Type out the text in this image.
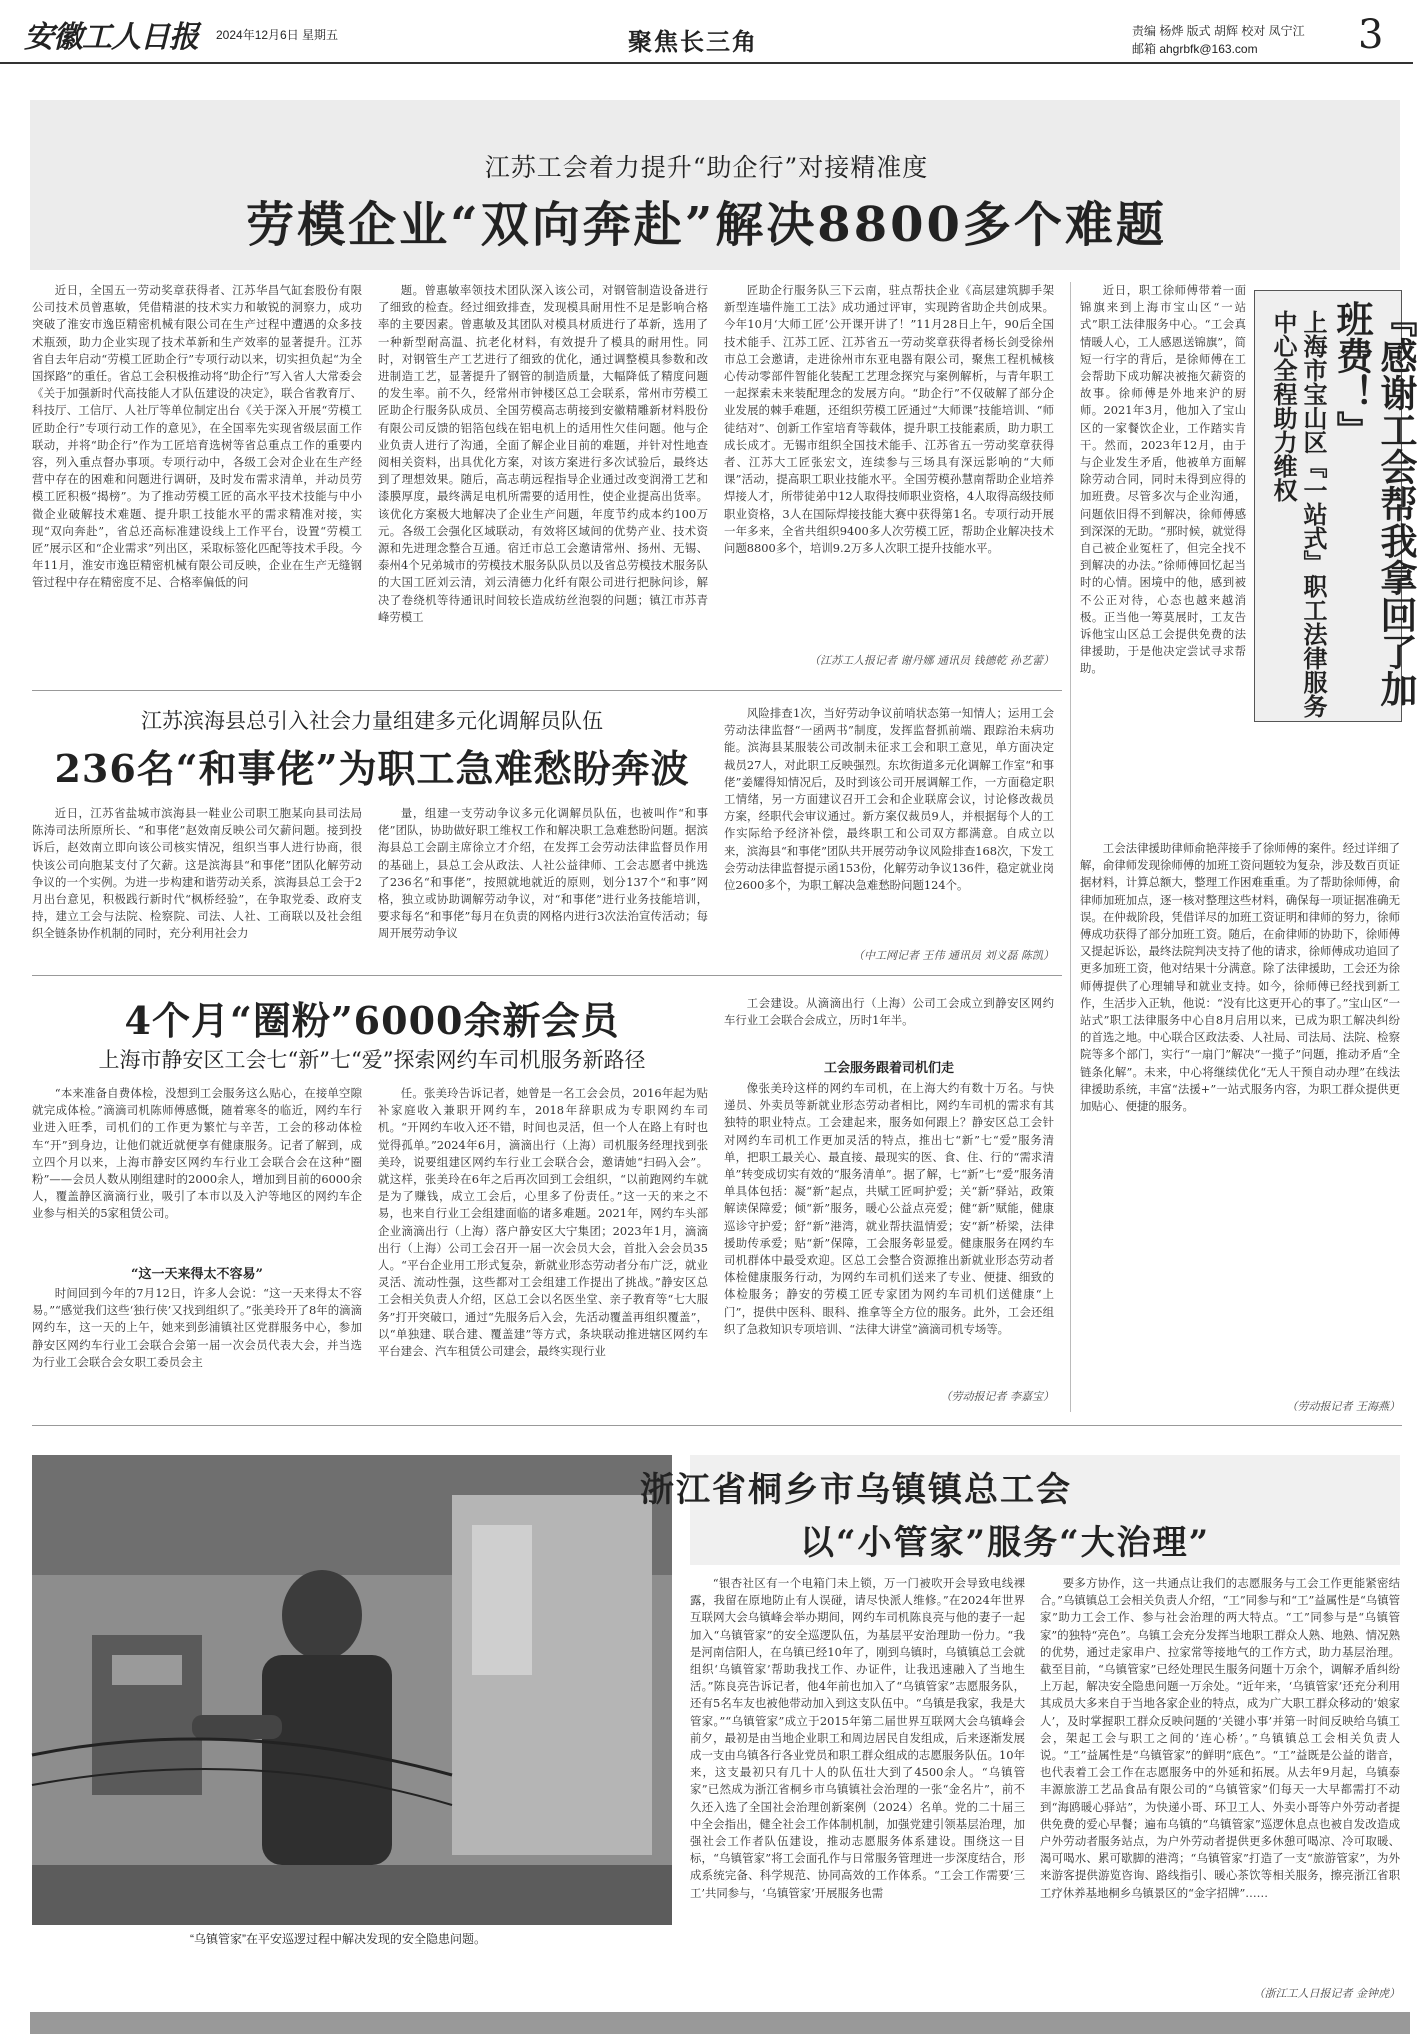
安徽工人日报 2024年12月6日 星期五	聚焦长三角	责编 杨烨 版式 胡辉 校对 凤宁江
邮箱 ahgrbfk@163.com	3
江苏工会着力提升“助企行”对接精准度
劳模企业“双向奔赴”解决8800多个难题

近日，全国五一劳动奖章获得者、江苏华昌气缸套股份有限公司技术员曾惠敏，凭借精湛的技术实力和敏锐的洞察力，成功突破了淮安市逸臣精密机械有限公司在生产过程中遭遇的众多技术瓶颈，助力企业实现了技术革新和生产效率的显著提升。江苏省自去年启动“劳模工匠助企行”专项行动以来，切实担负起“为全国探路”的重任。省总工会积极推动将“助企行”写入省人大常委会《关于加强新时代高技能人才队伍建设的决定》，联合省教育厅、科技厅、工信厅、人社厅等单位制定出台《关于深入开展“劳模工匠助企行”专项行动工作的意见》，在全国率先实现省级层面工作联动，并将“助企行”作为工匠培育选树等省总重点工作的重要内容，列入重点督办事项。专项行动中，各级工会对企业在生产经营中存在的困难和问题进行调研，及时发布需求清单，并动员劳模工匠积极“揭榜”。为了推动劳模工匠的高水平技术技能与中小微企业破解技术难题、提升职工技能水平的需求精准对接，实现“双向奔赴”，省总还高标准建设线上工作平台，设置“劳模工匠”展示区和“企业需求”列出区，采取标签化匹配等技术手段。今年11月，淮安市逸臣精密机械有限公司反映，企业在生产无缝钢管过程中存在精密度不足、合格率偏低的问

题。曾惠敏率领技术团队深入该公司，对钢管制造设备进行了细致的检查。经过细致排查，发现模具耐用性不足是影响合格率的主要因素。曾惠敏及其团队对模具材质进行了革新，选用了一种新型耐高温、抗老化材料，有效提升了模具的耐用性。同时，对钢管生产工艺进行了细致的优化，通过调整模具参数和改进制造工艺，显著提升了钢管的制造质量，大幅降低了精度问题的发生率。前不久，经常州市钟楼区总工会联系，常州市劳模工匠助企行服务队成员、全国劳模高志萌接到安徽精雕新材料股份有限公司反馈的铝箔包线在铝电机上的适用性欠佳问题。他与企业负责人进行了沟通，全面了解企业目前的难题，并针对性地查阅相关资料，出具优化方案，对该方案进行多次试验后，最终达到了理想效果。随后，高志萌远程指导企业通过改变润滑工艺和漆膜厚度，最终满足电机所需要的适用性，使企业提高出货率。该优化方案极大地解决了企业生产问题，年度节约成本约100万元。各级工会强化区域联动，有效将区域间的优势产业、技术资源和先进理念整合互通。宿迁市总工会邀请常州、扬州、无锡、泰州4个兄弟城市的劳模技术服务队队员以及省总劳模技术服务队的大国工匠刘云清，刘云清德力化纤有限公司进行把脉问诊，解决了卷绕机等待通讯时间较长造成纺丝泡裂的问题；镇江市苏青峰劳模工

匠助企行服务队三下云南，驻点帮扶企业《高层建筑脚手架新型连墙件施工工法》成功通过评审，实现跨省助企共创成果。今年10月‘大师工匠’公开课开讲了！”11月28日上午，90后全国技术能手、江苏工匠、江苏省五一劳动奖章获得者杨长剑受徐州市总工会邀请，走进徐州市东亚电器有限公司，聚焦工程机械核心传动零部件智能化装配工艺理念探究与案例解析，与青年职工一起探索未来装配理念的发展方向。“助企行”不仅破解了部分企业发展的棘手难题，还组织劳模工匠通过“大师课”技能培训、“师徒结对”、创新工作室培育等载体，提升职工技能素质，助力职工成长成才。无锡市组织全国技术能手、江苏省五一劳动奖章获得者、江苏大工匠张宏文，连续参与三场具有深远影响的“大师课”活动，提高职工职业技能水平。全国劳模孙慧南帮助企业培养焊接人才，所带徒弟中12人取得技师职业资格，4人取得高级技师职业资格，3人在国际焊接技能大赛中获得第1名。专项行动开展一年多来，全省共组织9400多人次劳模工匠，帮助企业解决技术问题8800多个，培训9.2万多人次职工提升技能水平。

（江苏工人报记者 谢丹娜 通讯员 钱德乾 孙艺蕾）
江苏滨海县总引入社会力量组建多元化调解员队伍
236名“和事佬”为职工急难愁盼奔波

近日，江苏省盐城市滨海县一鞋业公司职工胞某向县司法局陈涛司法所原所长、“和事佬”赵效南反映公司欠薪问题。接到投诉后，赵效南立即向该公司核实情况，组织当事人进行协商，很快该公司向胞某支付了欠薪。这是滨海县“和事佬”团队化解劳动争议的一个实例。为进一步构建和谐劳动关系，滨海县总工会于2月出台意见，积极践行新时代“枫桥经验”，在争取党委、政府支持，建立工会与法院、检察院、司法、人社、工商联以及社会组织全链条协作机制的同时，充分利用社会力

量，组建一支劳动争议多元化调解员队伍，也被叫作“和事佬”团队，协助做好职工维权工作和解决职工急难愁盼问题。据滨海县总工会副主席徐立才介绍，在发挥工会劳动法律监督员作用的基础上，县总工会从政法、人社公益律师、工会志愿者中挑选了236名“和事佬”，按照就地就近的原则，划分137个“和事”网格，独立或协助调解劳动争议，对“和事佬”进行业务技能培训，要求每名“和事佬”每月在负责的网格内进行3次法治宣传活动；每周开展劳动争议

风险排查1次，当好劳动争议前哨状态第一知情人；运用工会劳动法律监督“一函两书”制度，发挥监督抓前端、跟踪治未病功能。滨海县某服装公司改制未征求工会和职工意见，单方面决定裁员27人，对此职工反映强烈。东坎街道多元化调解工作室“和事佬”姜耀得知情况后，及时到该公司开展调解工作，一方面稳定职工情绪，另一方面建议召开工会和企业联席会议，讨论修改裁员方案，经职代会审议通过。新方案仅裁员9人，并根据每个人的工作实际给予经济补偿，最终职工和公司双方都满意。自成立以来，滨海县“和事佬”团队共开展劳动争议风险排查168次，下发工会劳动法律监督提示函153份，化解劳动争议136件，稳定就业岗位2600多个，为职工解决急难愁盼问题124个。

（中工网记者 王伟 通讯员 刘义磊 陈凯）
4个月“圈粉”6000余新会员
上海市静安区工会七“新”七“爱”探索网约车司机服务新路径

“本来准备自费体检，没想到工会服务这么贴心，在接单空隙就完成体检。”滴滴司机陈师傅感慨，随着寒冬的临近，网约车行业进入旺季，司机们的工作更为繁忙与辛苦，工会的移动体检车“开”到身边，让他们就近就便享有健康服务。记者了解到，成立四个月以来，上海市静安区网约车行业工会联合会在这种“圈粉”——会员人数从刚组建时的2000余人，增加到目前的6000余人，覆盖静区滴滴行业，吸引了本市以及入沪等地区的网约车企业参与相关的5家租赁公司。

“这一天来得太不容易”

时间回到今年的7月12日，许多人会说：“这一天来得太不容易。”“感觉我们这些‘独行侠’又找到组织了。”张美玲开了8年的滴滴网约车，这一天的上午，她来到彭浦镇社区党群服务中心，参加静安区网约车行业工会联合会第一届一次会员代表大会，并当选为行业工会联合会女职工委员会主

任。张美玲告诉记者，她曾是一名工会会员，2016年起为贴补家庭收入兼职开网约车，2018年辞职成为专职网约车司机。“开网约车收入还不错，时间也灵活，但一个人在路上有时也觉得孤单。”2024年6月，滴滴出行（上海）司机服务经理找到张美玲，说要组建区网约车行业工会联合会，邀请她“扫码入会”。就这样，张美玲在6年之后再次回到工会组织，“以前跑网约车就是为了赚钱，成立工会后，心里多了份责任。”这一天的来之不易，也来自行业工会组建面临的诸多难题。2021年，网约车头部企业滴滴出行（上海）落户静安区大宁集团；2023年1月，滴滴出行（上海）公司工会召开一届一次会员大会，首批入会会员35人。“平台企业用工形式复杂，新就业形态劳动者分布广泛，就业灵活、流动性强，这些都对工会组建工作提出了挑战。”静安区总工会相关负责人介绍，区总工会以名医坐堂、亲子教育等“七大服务”打开突破口，通过“先服务后入会，先活动覆盖再组织覆盖”，以“单独建、联合建、覆盖建”等方式，条块联动推进辖区网约车平台建会、汽车租赁公司建会，最终实现行业

工会建设。从滴滴出行（上海）公司工会成立到静安区网约车行业工会联合会成立，历时1年半。

工会服务跟着司机们走

像张美玲这样的网约车司机，在上海大约有数十万名。与快递员、外卖员等新就业形态劳动者相比，网约车司机的需求有其独特的职业特点。工会建起来，服务如何跟上？静安区总工会针对网约车司机工作更加灵活的特点，推出七“新”七“爱”服务清单，把职工最关心、最直接、最现实的医、食、住、行的“需求清单”转变成切实有效的“服务清单”。据了解，七“新”七“爱”服务清单具体包括：凝“新”起点，共赋工匠呵护爱；关“新”驿站，政策解读保障爱；倾“新”服务，暖心公益点亮爱；健“新”赋能，健康巡诊守护爱；舒“新”港湾，就业帮扶温情爱；安“新”桥梁，法律援助传承爱；贴“新”保障，工会服务彰显爱。健康服务在网约车司机群体中最受欢迎。区总工会整合资源推出新就业形态劳动者体检健康服务行动，为网约车司机们送来了专业、便捷、细致的体检服务；静安的劳模工匠专家团为网约车司机们送健康“上门”，提供中医科、眼科、推拿等全方位的服务。此外，工会还组织了急救知识专项培训、“法律大讲堂”滴滴司机专场等。

（劳动报记者 李嘉宝）
『感谢工会帮我拿回了加班费！』
上海市宝山区『一站式』职工法律服务中心全程助力维权

近日，职工徐师傅带着一面锦旗来到上海市宝山区“一站式”职工法律服务中心。“工会真情暖人心，工人感恩送锦旗”，简短一行字的背后，是徐师傅在工会帮助下成功解决被拖欠薪资的故事。徐师傅是外地来沪的厨师。2021年3月，他加入了宝山区的一家餐饮企业，工作踏实肯干。然而，2023年12月，由于与企业发生矛盾，他被单方面解除劳动合同，同时未得到应得的加班费。尽管多次与企业沟通，问题依旧得不到解决，徐师傅感到深深的无助。“那时候，就觉得自己被企业冤枉了，但完全找不到解决的办法。”徐师傅回忆起当时的心情。困境中的他，感到被不公正对待，心态也越来越消极。正当他一筹莫展时，工友告诉他宝山区总工会提供免费的法律援助，于是他决定尝试寻求帮助。

工会法律援助律师俞艳萍接手了徐师傅的案件。经过详细了解，俞律师发现徐师傅的加班工资问题较为复杂，涉及数百页证据材料，计算总额大，整理工作困难重重。为了帮助徐师傅，俞律师加班加点，逐一核对整理这些材料，确保每一项证据准确无误。在仲裁阶段，凭借详尽的加班工资证明和律师的努力，徐师傅成功获得了部分加班工资。随后，在俞律师的协助下，徐师傅又提起诉讼，最终法院判决支持了他的请求，徐师傅成功追回了更多加班工资，他对结果十分满意。除了法律援助，工会还为徐师傅提供了心理辅导和就业支持。如今，徐师傅已经找到新工作，生活步入正轨，他说：“没有比这更开心的事了。”宝山区“一站式”职工法律服务中心自8月启用以来，已成为职工解决纠纷的首选之地。中心联合区政法委、人社局、司法局、法院、检察院等多个部门，实行“一扇门”解决“一揽子”问题，推动矛盾“全链条化解”。未来，中心将继续优化“无人干预自动办理”在线法律援助系统，丰富“法援+”一站式服务内容，为职工群众提供更加贴心、便捷的服务。

（劳动报记者 王海燕）
“乌镇管家”在平安巡逻过程中解决发现的安全隐患问题。
浙江省桐乡市乌镇镇总工会
以“小管家”服务“大治理”

“银杏社区有一个电箱门未上锁，万一门被吹开会导致电线裸露，我留在原地防止有人误碰，请尽快派人维修。”在2024年世界互联网大会乌镇峰会举办期间，网约车司机陈良亮与他的妻子一起加入“乌镇管家”的安全巡逻队伍，为基层平安治理助一份力。“我是河南信阳人，在乌镇已经10年了，刚到乌镇时，乌镇镇总工会就组织‘乌镇管家’帮助我找工作、办证件，让我迅速融入了当地生活。”陈良亮告诉记者，他4年前也加入了“乌镇管家”志愿服务队，还有5名车友也被他带动加入到这支队伍中。“乌镇是我家，我是大管家。”“乌镇管家”成立于2015年第二届世界互联网大会乌镇峰会前夕，最初是由当地企业职工和周边居民自发组成，后来逐渐发展成一支由乌镇各行各业党员和职工群众组成的志愿服务队伍。10年来，这支最初只有几十人的队伍壮大到了4500余人。“乌镇管家”已然成为浙江省桐乡市乌镇镇社会治理的一张“金名片”，前不久还入选了全国社会治理创新案例（2024）名单。党的二十届三中全会指出，健全社会工作体制机制，加强党建引领基层治理，加强社会工作者队伍建设，推动志愿服务体系建设。围绕这一目标，“乌镇管家”将工会面孔作与日常服务管理进一步深度结合，形成系统完备、科学规范、协同高效的工作体系。“工会工作需要‘三工’共同参与，‘乌镇管家’开展服务也需

要多方协作，这一共通点让我们的志愿服务与工会工作更能紧密结合。”乌镇镇总工会相关负责人介绍，“工”同参与和“工”益属性是“乌镇管家”助力工会工作、参与社会治理的两大特点。“工”同参与是“乌镇管家”的独特“亮色”。乌镇工会充分发挥当地职工群众人熟、地熟、情况熟的优势，通过走家串户、拉家常等接地气的工作方式，助力基层治理。截至目前，“乌镇管家”已经处理民生服务问题十万余个，调解矛盾纠纷上万起，解决安全隐患问题一万余处。“近年来，‘乌镇管家’还充分利用其成员大多来自于当地各家企业的特点，成为广大职工群众移动的‘娘家人’，及时掌握职工群众反映问题的‘关键小事’并第一时间反映给乌镇工会，架起工会与职工之间的‘连心桥’。”乌镇镇总工会相关负责人说。“工”益属性是“乌镇管家”的鲜明“底色”。“工”益既是公益的谐音，也代表着工会工作在志愿服务中的外延和拓展。从去年9月起，乌镇泰丰源旅游工艺品食品有限公司的“乌镇管家”们每天一大早都需打不动到“海鸥暖心驿站”，为快递小哥、环卫工人、外卖小哥等户外劳动者提供免费的爱心早餐；遍布乌镇的“乌镇管家”巡逻休息点也被自发改造成户外劳动者服务站点，为户外劳动者提供更多休憩可喝凉、冷可取暖、渴可喝水、累可歇脚的港湾；“乌镇管家”打造了一支“旅游管家”，为外来游客提供游览咨询、路线指引、暖心茶饮等相关服务，擦亮浙江省职工疗休养基地桐乡乌镇景区的“金字招牌”……

（浙江工人日报记者 金钟虎）
